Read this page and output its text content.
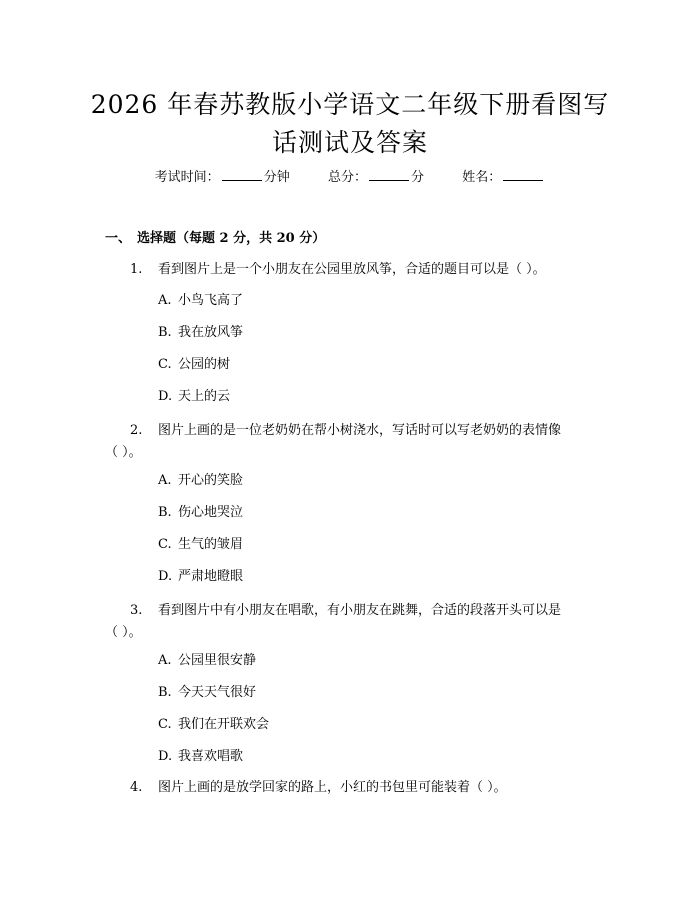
2026 年春苏教版小学语文二年级下册看图写
话测试及答案
考试时间：	分钟	总分：	分	姓名：
一、 选择题（每题 2 分，共 20 分）
1. 看到图片上是一个小朋友在公园里放风筝，合适的题目可以是（ ）。
A. 小鸟飞高了
B. 我在放风筝
C. 公园的树
D. 天上的云
2. 图片上画的是一位老奶奶在帮小树浇水，写话时可以写老奶奶的表情像
（ ）。
A. 开心的笑脸
B. 伤心地哭泣
C. 生气的皱眉
D. 严肃地瞪眼
3. 看到图片中有小朋友在唱歌，有小朋友在跳舞，合适的段落开头可以是
（ ）。
A. 公园里很安静
B. 今天天气很好
C. 我们在开联欢会
D. 我喜欢唱歌
4. 图片上画的是放学回家的路上，小红的书包里可能装着（ ）。
